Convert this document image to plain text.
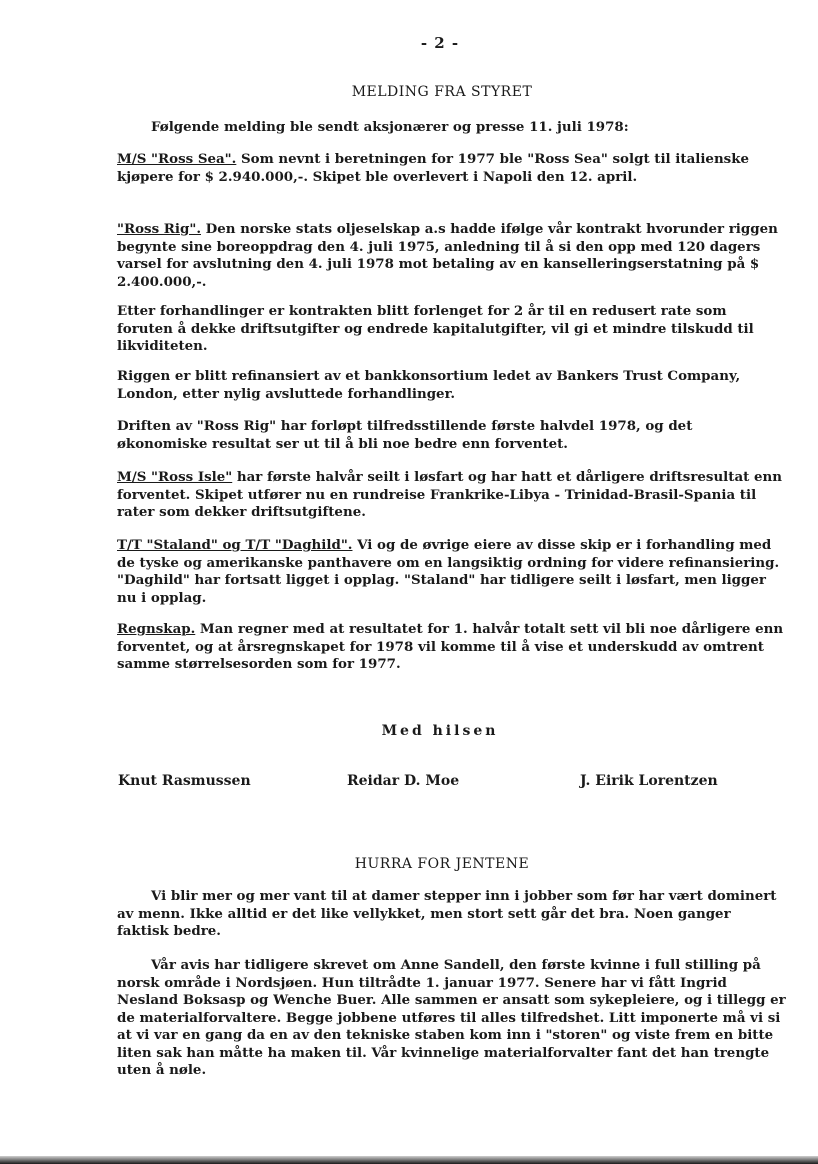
- 2 -
MELDING FRA STYRET

Følgende melding ble sendt aksjonærer og presse 11. juli 1978:

M/S "Ross Sea". Som nevnt i beretningen for 1977 ble "Ross Sea" solgt til italienske kjøpere for $ 2.940.000,-. Skipet ble overlevert i Napoli den 12. april.

"Ross Rig". Den norske stats oljeselskap a.s hadde ifølge vår kontrakt hvorunder riggen begynte sine boreoppdrag den 4. juli 1975, anledning til å si den opp med 120 dagers varsel for avslutning den 4. juli 1978 mot betaling av en kanselleringserstatning på $ 2.400.000,-.

Etter forhandlinger er kontrakten blitt forlenget for 2 år til en redusert rate som foruten å dekke driftsutgifter og endrede kapitalutgifter, vil gi et mindre tilskudd til likviditeten.

Riggen er blitt refinansiert av et bankkonsortium ledet av Bankers Trust Company, London, etter nylig avsluttede forhandlinger.

Driften av "Ross Rig" har forløpt tilfredsstillende første halvdel 1978, og det økonomiske resultat ser ut til å bli noe bedre enn forventet.

M/S "Ross Isle" har første halvår seilt i løsfart og har hatt et dårligere driftsresultat enn forventet. Skipet utfører nu en rundreise Frankrike-Libya - Trinidad-Brasil-Spania til rater som dekker driftsutgiftene.

T/T "Staland" og T/T "Daghild". Vi og de øvrige eiere av disse skip er i forhandling med de tyske og amerikanske panthavere om en langsiktig ordning for videre refinansiering. "Daghild" har fortsatt ligget i opplag. "Staland" har tidligere seilt i løsfart, men ligger nu i opplag.

Regnskap. Man regner med at resultatet for 1. halvår totalt sett vil bli noe dårligere enn forventet, og at årsregnskapet for 1978 vil komme til å vise et underskudd av omtrent samme størrelsesorden som for 1977.

Med hilsen
Knut Rasmussen	Reidar D. Moe	J. Eirik Lorentzen
HURRA FOR JENTENE

Vi blir mer og mer vant til at damer stepper inn i jobber som før har vært dominert av menn. Ikke alltid er det like vellykket, men stort sett går det bra. Noen ganger faktisk bedre.

Vår avis har tidligere skrevet om Anne Sandell, den første kvinne i full stilling på norsk område i Nordsjøen. Hun tiltrådte 1. januar 1977. Senere har vi fått Ingrid Nesland Boksasp og Wenche Buer. Alle sammen er ansatt som sykepleiere, og i tillegg er de materialforvaltere. Begge jobbene utføres til alles tilfredshet. Litt imponerte må vi si at vi var en gang da en av den tekniske staben kom inn i "storen" og viste frem en bitte liten sak han måtte ha maken til. Vår kvinnelige materialforvalter fant det han trengte uten å nøle.
